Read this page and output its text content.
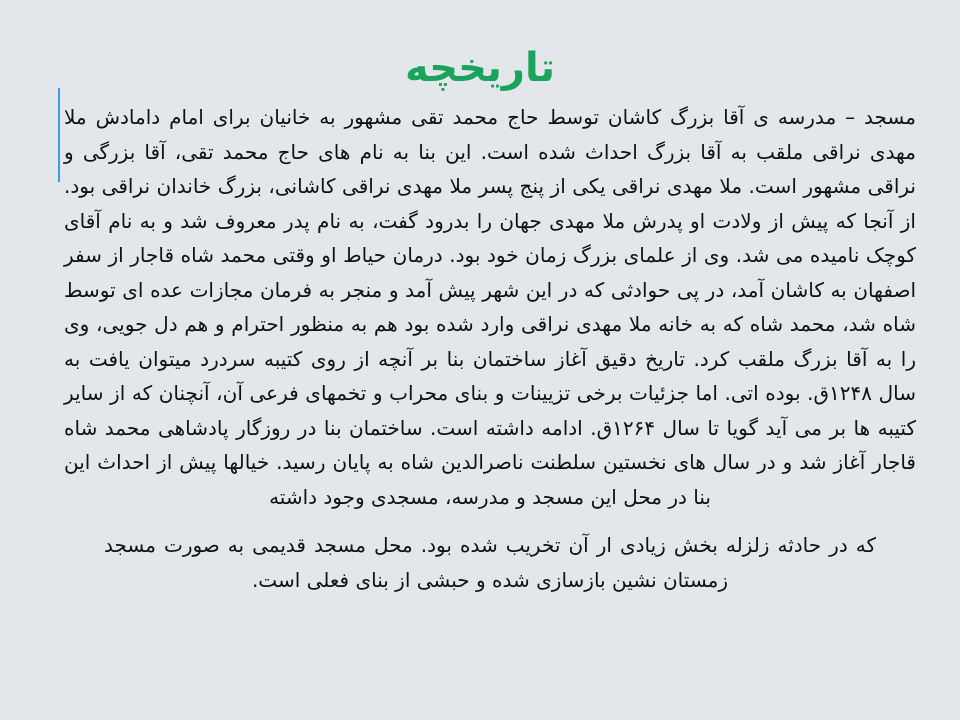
تاریخچه

مسجد – مدرسه ی آقا بزرگ کاشان توسط حاج محمد تقی مشهور به خانیان برای امام دامادش ملا مهدی نراقی ملقب به آقا بزرگ احداث شده است. این بنا به نام های حاج محمد تقی، آقا بزرگی و نراقی مشهور است. ملا مهدی نراقی یکی از پنج پسر ملا مهدی نراقی کاشانی، بزرگ خاندان نراقی بود. از آنجا که پیش از ولادت او پدرش ملا مهدی جهان را بدرود گفت، به نام پدر معروف شد و به نام آقای کوچک نامیده می شد. وی از علمای بزرگ زمان خود بود. درمان حیاط او وقتی محمد شاه قاجار از سفر اصفهان به کاشان آمد، در پی حوادثی که در این شهر پیش آمد و منجر به فرمان مجازات عده ای توسط شاه شد، محمد شاه که به خانه ملا مهدی نراقی وارد شده بود هم به منظور احترام و هم دل جویی، وی را به آقا بزرگ ملقب کرد. تاریخ دقیق آغاز ساختمان بنا بر آنچه از روی کتیبه سردرد میتوان یافت به سال ۱۲۴۸ق. بوده اتی. اما جزئیات برخی تزیینات و بنای محراب و تخمهای فرعی آن، آنچنان که از سایر کتیبه ها بر می آید گویا تا سال ۱۲۶۴ق. ادامه داشته است. ساختمان بنا در روزگار پادشاهی محمد شاه قاجار آغاز شد و در سال های نخستین سلطنت ناصرالدین شاه به پایان رسید. خیالها پیش از احداث این بنا در محل این مسجد و مدرسه، مسجدی وجود داشته

که در حادثه زلزله بخش زیادی ار آن تخریب شده بود. محل مسجد قدیمی به صورت مسجد زمستان نشین بازسازی شده و حبشی از بنای فعلی است.
